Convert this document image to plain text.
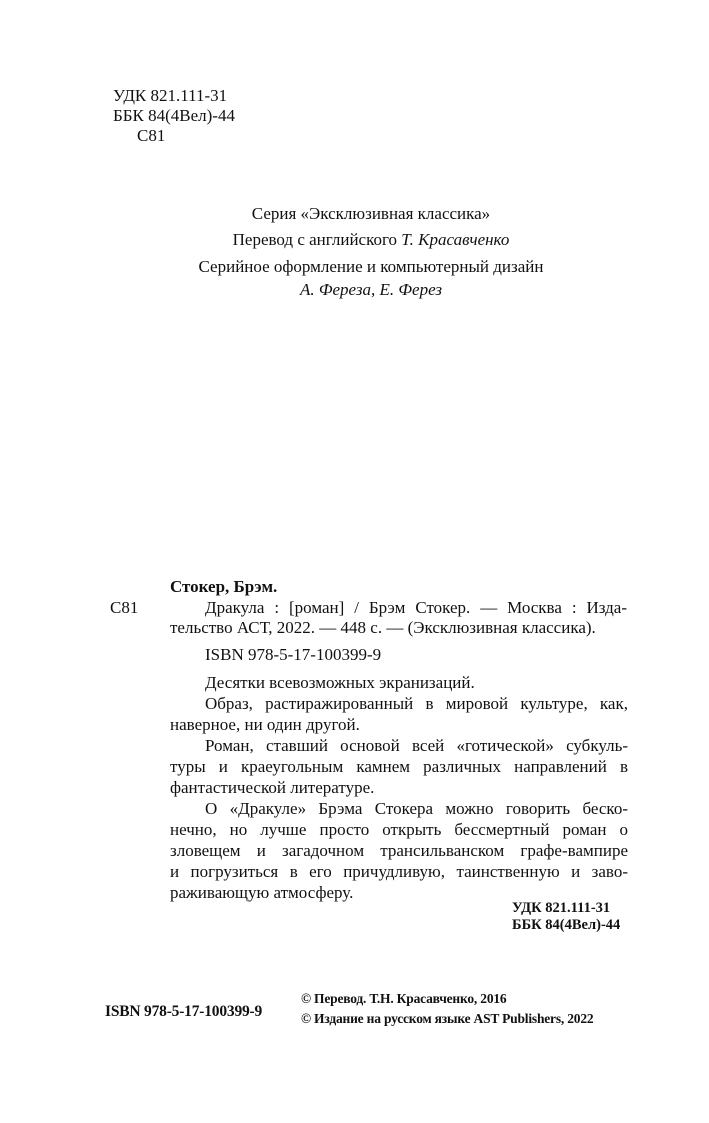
УДК 821.111-31
ББК 84(4Вел)-44
С81
Серия «Эксклюзивная классика»
Перевод с английского Т. Красавченко
Серийное оформление и компьютерный дизайн
А. Фереза, Е. Ферез
Стокер, Брэм.
С81	Дракула : [роман] / Брэм Стокер. — Москва : Изда-
тельство АСТ, 2022. — 448 с. — (Эксклюзивная классика).
ISBN 978-5-17-100399-9
Десятки всевозможных экранизаций.
Образ, растиражированный в мировой культуре, как,
наверное, ни один другой.
Роман, ставший основой всей «готической» субкуль-
туры и краеугольным камнем различных направлений в
фантастической литературе.
О «Дракуле» Брэма Стокера можно говорить беско-
нечно, но лучше просто открыть бессмертный роман о
зловещем и загадочном трансильванском графе-вампире
и погрузиться в его причудливую, таинственную и заво-
раживающую атмосферу.
УДК 821.111-31
ББК 84(4Вел)-44
ISBN 978-5-17-100399-9
© Перевод. Т.Н. Красавченко, 2016
© Издание на русском языке AST Publishers, 2022
